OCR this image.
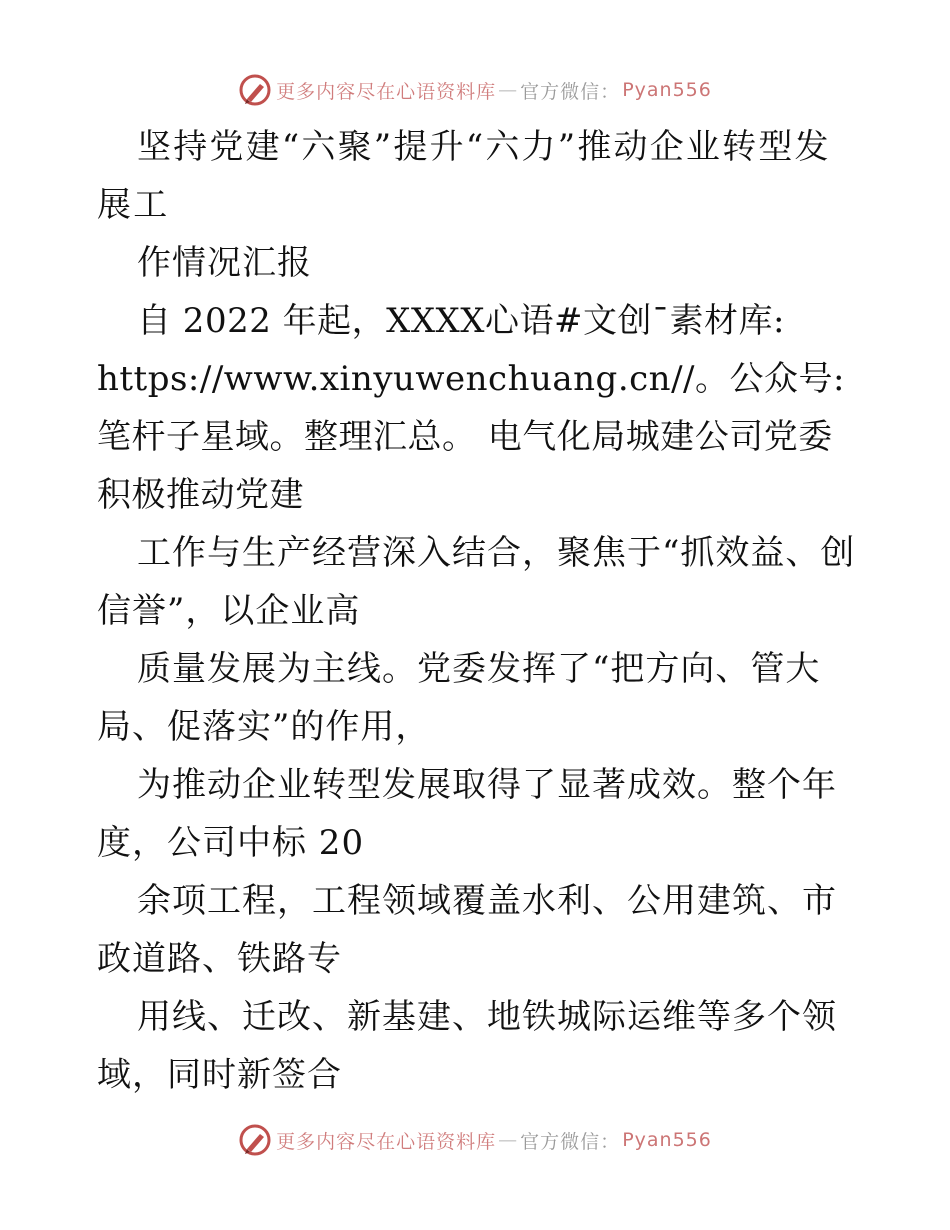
更多内容尽在心语资料库 — 官方微信： Pyan556

坚持党建“六聚”提升“六力”推动企业转型发展工

作情况汇报

自 2022 年起，XXXX心语#文创¯素材库: https://www.xinyuwenchuang.cn//。公众号: 笔杆子星域。整理汇总。 电气化局城建公司党委积极推动党建

工作与生产经营深入结合，聚焦于“抓效益、创信誉”，以企业高

质量发展为主线。党委发挥了“把方向、管大局、促落实”的作用，

为推动企业转型发展取得了显著成效。整个年度，公司中标 20

余项工程，工程领域覆盖水利、公用建筑、市政道路、铁路专

用线、迁改、新基建、地铁城际运维等多个领域，同时新签合

更多内容尽在心语资料库 — 官方微信： Pyan556
